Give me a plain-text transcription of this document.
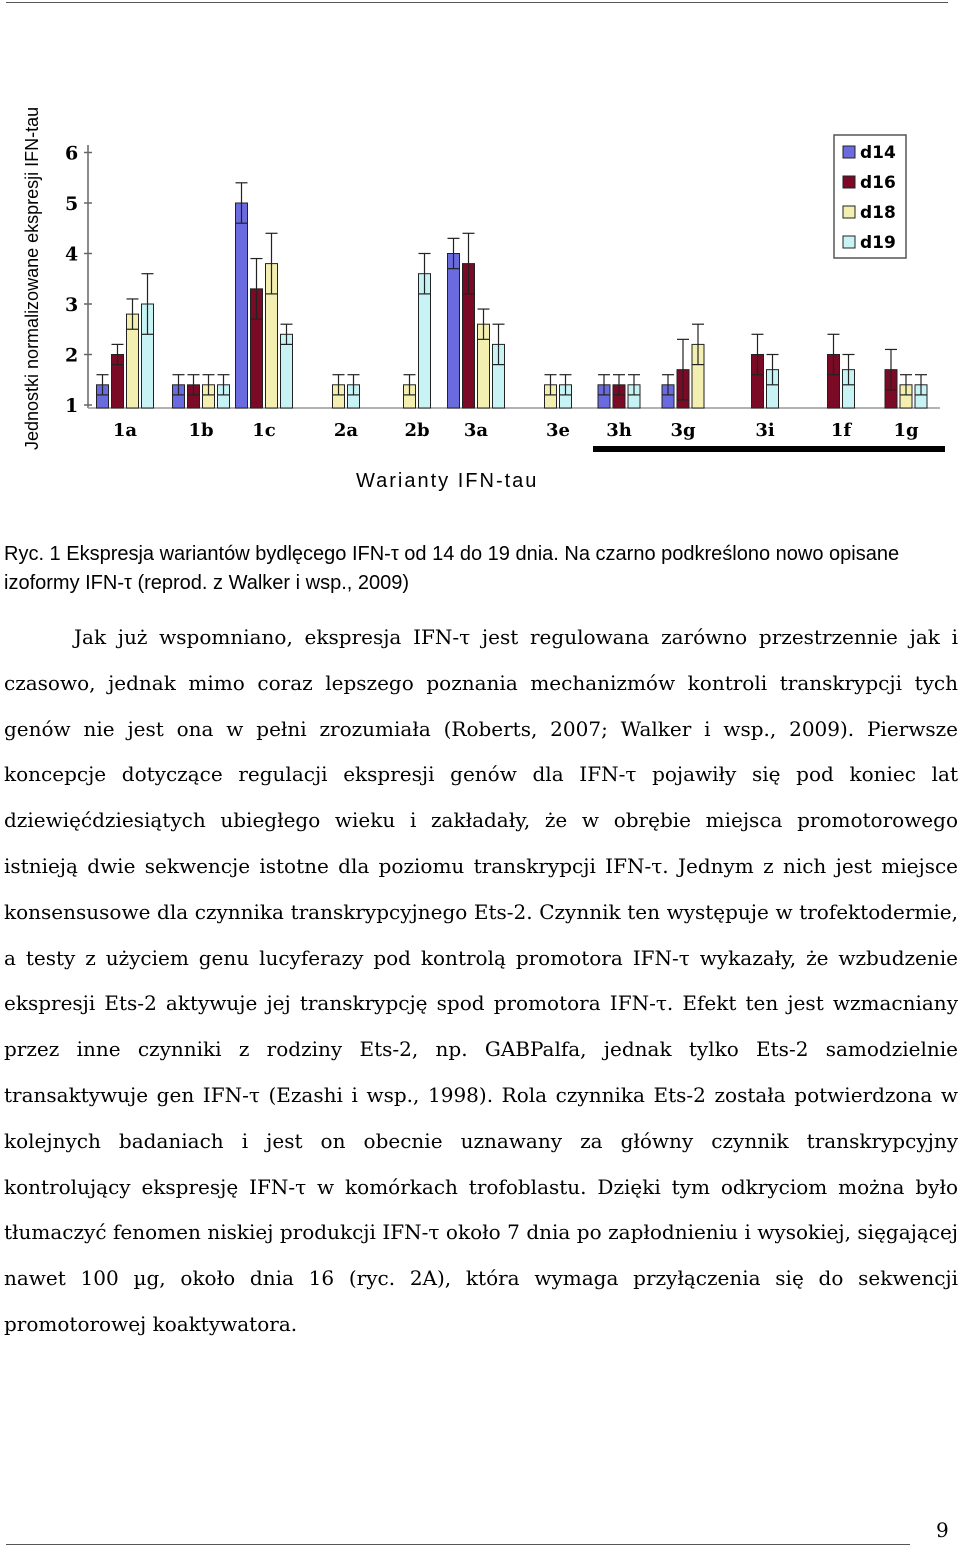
Jednostki normalizowane ekspresji IFN-tau 1
2
3
4
5
6
1a	1b 1c	2a	2b 3a	3e 3h 3g	3i	1f 1g
d14
d16
d18
d19
Warianty IFN-tau

Ryc. 1 Ekspresja wariantów bydlęcego IFN-τ od 14 do 19 dnia. Na czarno podkreślono nowo opisane izoformy IFN-τ (reprod. z Walker i wsp., 2009)

Jak już wspomniano, ekspresja IFN-τ jest regulowana zarówno przestrzennie jak i czasowo, jednak mimo coraz lepszego poznania mechanizmów kontroli transkrypcji tych genów nie jest ona w pełni zrozumiała (Roberts, 2007; Walker i wsp., 2009). Pierwsze koncepcje dotyczące regulacji ekspresji genów dla IFN-τ pojawiły się pod koniec lat dziewięćdziesiątych ubiegłego wieku i zakładały, że w obrębie miejsca promotorowego istnieją dwie sekwencje istotne dla poziomu transkrypcji IFN-τ. Jednym z nich jest miejsce konsensusowe dla czynnika transkrypcyjnego Ets-2. Czynnik ten występuje w trofektodermie, a testy z użyciem genu lucyferazy pod kontrolą promotora IFN-τ wykazały, że wzbudzenie ekspresji Ets-2 aktywuje jej transkrypcję spod promotora IFN-τ. Efekt ten jest wzmacniany przez inne czynniki z rodziny Ets-2, np. GABPalfa, jednak tylko Ets-2 samodzielnie transaktywuje gen IFN-τ (Ezashi i wsp., 1998). Rola czynnika Ets-2 została potwierdzona w kolejnych badaniach i jest on obecnie uznawany za główny czynnik transkrypcyjny kontrolujący ekspresję IFN-τ w komórkach trofoblastu. Dzięki tym odkryciom można było tłumaczyć fenomen niskiej produkcji IFN-τ około 7 dnia po zapłodnieniu i wysokiej, sięgającej nawet 100 µg, około dnia 16 (ryc. 2A), która wymaga przyłączenia się do sekwencji promotorowej koaktywatora.

9
